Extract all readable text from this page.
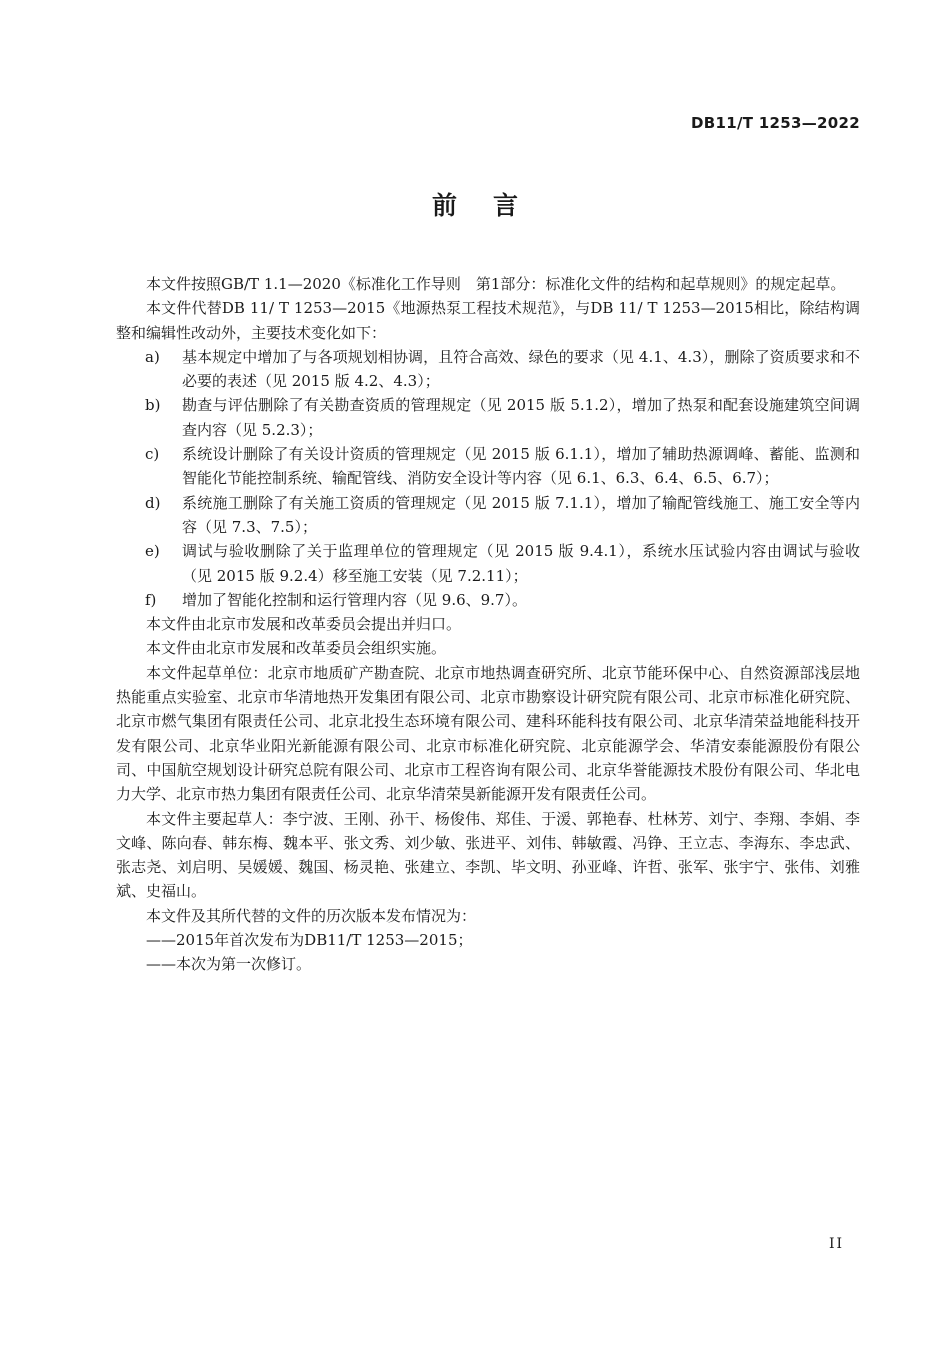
DB11/T 1253—2022
前言

本文件按照GB/T 1.1—2020《标准化工作导则　第1部分：标准化文件的结构和起草规则》的规定起草。

本文件代替DB 11/ T 1253—2015《地源热泵工程技术规范》，与DB 11/ T 1253—2015相比，除结构调整和编辑性改动外，主要技术变化如下：

a)	基本规定中增加了与各项规划相协调，且符合高效、绿色的要求（见 4.1、4.3），删除了资质要求和不必要的表述（见 2015 版 4.2、4.3）；
b)	勘查与评估删除了有关勘查资质的管理规定（见 2015 版 5.1.2），增加了热泵和配套设施建筑空间调查内容（见 5.2.3）；
c)	系统设计删除了有关设计资质的管理规定（见 2015 版 6.1.1），增加了辅助热源调峰、蓄能、监测和智能化节能控制系统、输配管线、消防安全设计等内容（见 6.1、6.3、6.4、6.5、6.7）；
d)	系统施工删除了有关施工资质的管理规定（见 2015 版 7.1.1），增加了输配管线施工、施工安全等内容（见 7.3、7.5）；
e)	调试与验收删除了关于监理单位的管理规定（见 2015 版 9.4.1），系统水压试验内容由调试与验收（见 2015 版 9.2.4）移至施工安装（见 7.2.11）；
f)	增加了智能化控制和运行管理内容（见 9.6、9.7）。

本文件由北京市发展和改革委员会提出并归口。

本文件由北京市发展和改革委员会组织实施。

本文件起草单位：北京市地质矿产勘查院、北京市地热调查研究所、北京节能环保中心、自然资源部浅层地热能重点实验室、北京市华清地热开发集团有限公司、北京市勘察设计研究院有限公司、北京市标准化研究院、北京市燃气集团有限责任公司、北京北投生态环境有限公司、建科环能科技有限公司、北京华清荣益地能科技开发有限公司、北京华业阳光新能源有限公司、北京市标准化研究院、北京能源学会、华清安泰能源股份有限公司、中国航空规划设计研究总院有限公司、北京市工程咨询有限公司、北京华誉能源技术股份有限公司、华北电力大学、北京市热力集团有限责任公司、北京华清荣昊新能源开发有限责任公司。

本文件主要起草人：李宁波、王刚、孙干、杨俊伟、郑佳、于湲、郭艳春、杜林芳、刘宁、李翔、李娟、李文峰、陈向春、韩东梅、魏本平、张文秀、刘少敏、张进平、刘伟、韩敏霞、冯铮、王立志、李海东、李忠武、张志尧、刘启明、吴媛媛、魏国、杨灵艳、张建立、李凯、毕文明、孙亚峰、许哲、张军、张宇宁、张伟、刘雅斌、史福山。

本文件及其所代替的文件的历次版本发布情况为：

——2015年首次发布为DB11/T 1253—2015；
——本次为第一次修订。
II
